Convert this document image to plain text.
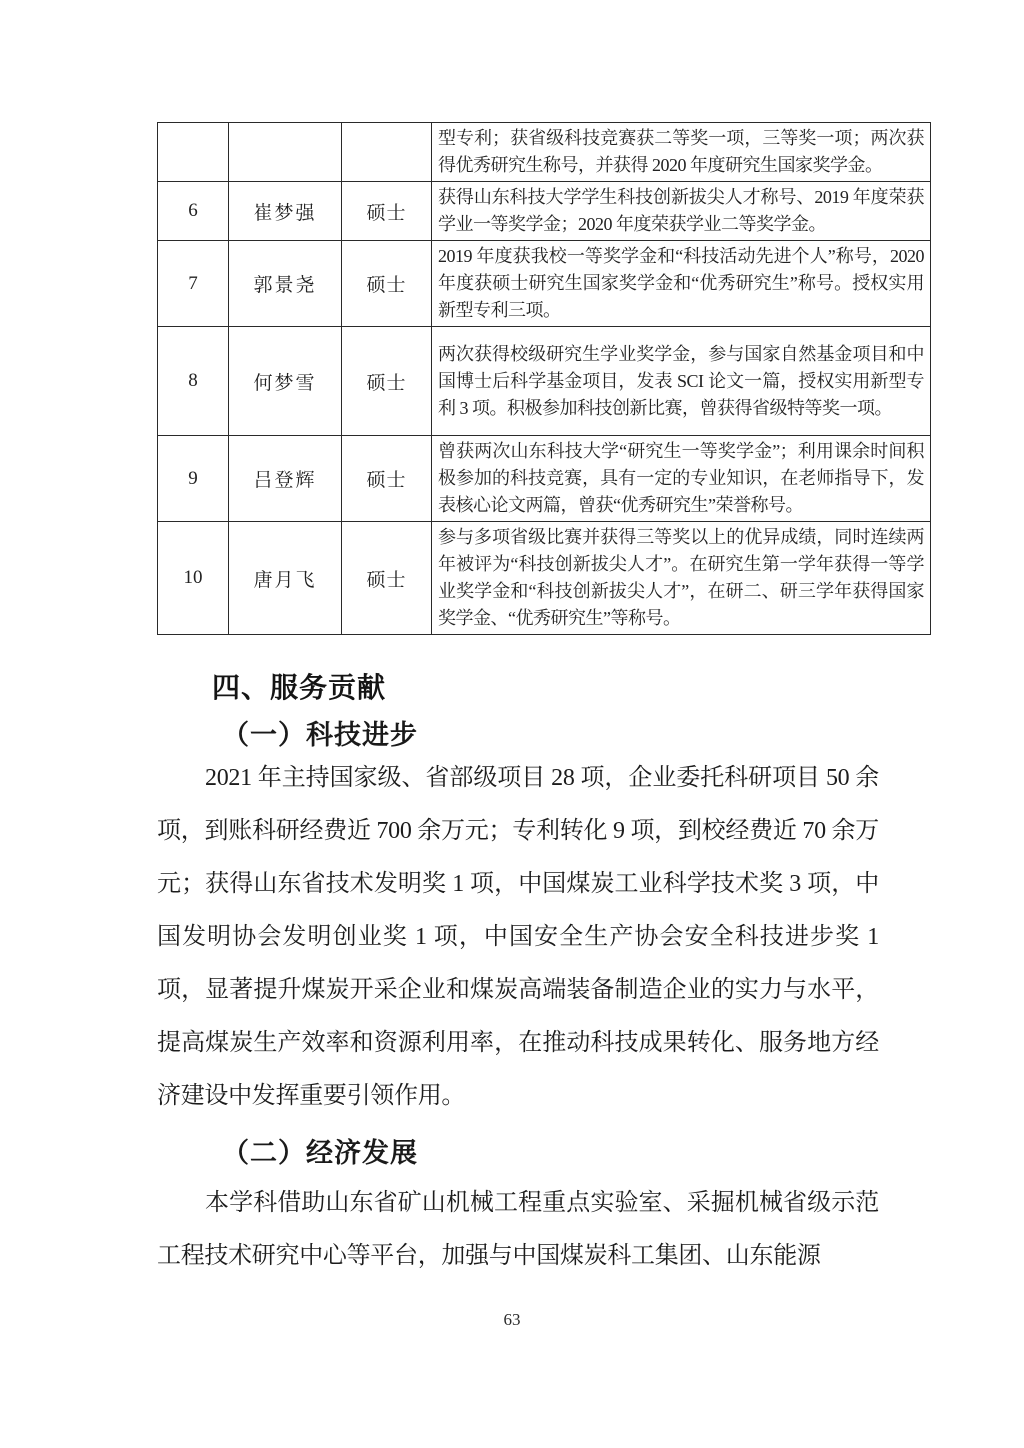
			型专利；获省级科技竞赛获二等奖一项，三等奖一项；两次获得优秀研究生称号，并获得 2020 年度研究生国家奖学金。
6	崔梦强	硕士	获得山东科技大学学生科技创新拔尖人才称号、2019 年度荣获学业一等奖学金；2020 年度荣获学业二等奖学金。
7	郭景尧	硕士	2019 年度获我校一等奖学金和“科技活动先进个人”称号，2020 年度获硕士研究生国家奖学金和“优秀研究生”称号。授权实用新型专利三项。
8	何梦雪	硕士	两次获得校级研究生学业奖学金，参与国家自然基金项目和中国博士后科学基金项目，发表 SCI 论文一篇，授权实用新型专利 3 项。积极参加科技创新比赛，曾获得省级特等奖一项。
9	吕登辉	硕士	曾获两次山东科技大学“研究生一等奖学金”；利用课余时间积极参加的科技竞赛，具有一定的专业知识，在老师指导下，发表核心论文两篇，曾获“优秀研究生”荣誉称号。
10	唐月飞	硕士	参与多项省级比赛并获得三等奖以上的优异成绩，同时连续两年被评为“科技创新拔尖人才”。在研究生第一学年获得一等学业奖学金和“科技创新拔尖人才”，在研二、研三学年获得国家奖学金、“优秀研究生”等称号。
四、服务贡献
（一）科技进步
2021 年主持国家级、省部级项目 28 项，企业委托科研项目 50 余项，到账科研经费近 700 余万元；专利转化 9 项，到校经费近 70 余万元；获得山东省技术发明奖 1 项，中国煤炭工业科学技术奖 3 项，中国发明协会发明创业奖 1 项，中国安全生产协会安全科技进步奖 1 项，显著提升煤炭开采企业和煤炭高端装备制造企业的实力与水平，提高煤炭生产效率和资源利用率，在推动科技成果转化、服务地方经济建设中发挥重要引领作用。
（二）经济发展
本学科借助山东省矿山机械工程重点实验室、采掘机械省级示范工程技术研究中心等平台，加强与中国煤炭科工集团、山东能源
63
